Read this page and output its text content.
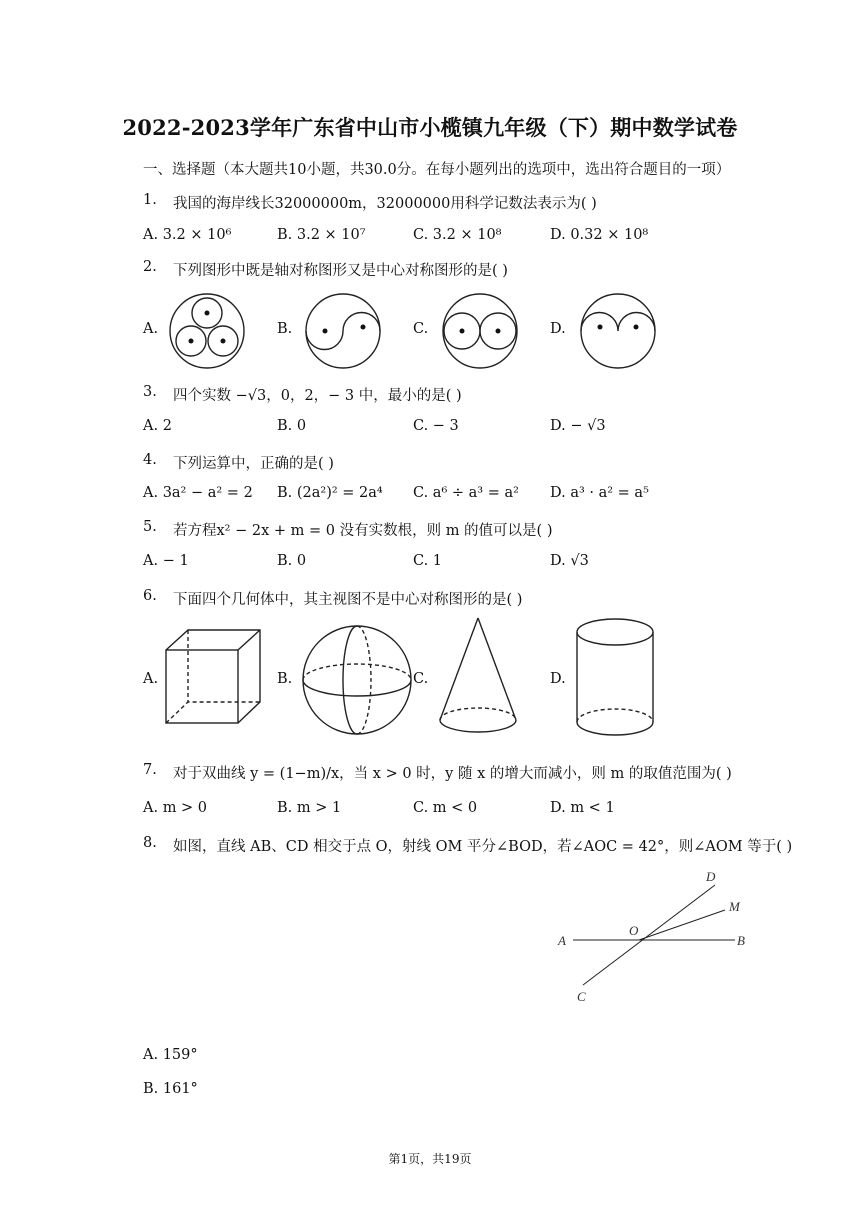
2022-2023学年广东省中山市小榄镇九年级（下）期中数学试卷
一、选择题（本大题共10小题，共30.0分。在每小题列出的选项中，选出符合题目的一项）
1. 我国的海岸线长32000000m，32000000用科学记数法表示为( )
A. 3.2 × 10⁶	B. 3.2 × 10⁷	C. 3.2 × 10⁸	D. 0.32 × 10⁸
2. 下列图形中既是轴对称图形又是中心对称图形的是( )
A.	B.	C.	D.
3. 四个实数 −√3，0，2，− 3 中，最小的是( )
A. 2	B. 0	C. − 3	D. − √3
4. 下列运算中，正确的是( )
A. 3a² − a² = 2 B. (2a²)² = 2a⁴ C. a⁶ ÷ a³ = a² D. a³ · a² = a⁵
5. 若方程x² − 2x + m = 0 没有实数根，则 m 的值可以是( )
A. − 1	B. 0	C. 1	D. √3
6. 下面四个几何体中，其主视图不是中心对称图形的是( )
A.	B.	C.	D.
7. 对于双曲线 y = (1−m)/x，当 x > 0 时，y 随 x 的增大而减小，则 m 的取值范围为( )
A. m > 0	B. m > 1	C. m < 0	D. m < 1
8. 如图，直线 AB、CD 相交于点 O，射线 OM 平分∠BOD，若∠AOC = 42°，则∠AOM 等于( )
A
O
B
C
D
M
A. 159°
B. 161°
第1页，共19页
